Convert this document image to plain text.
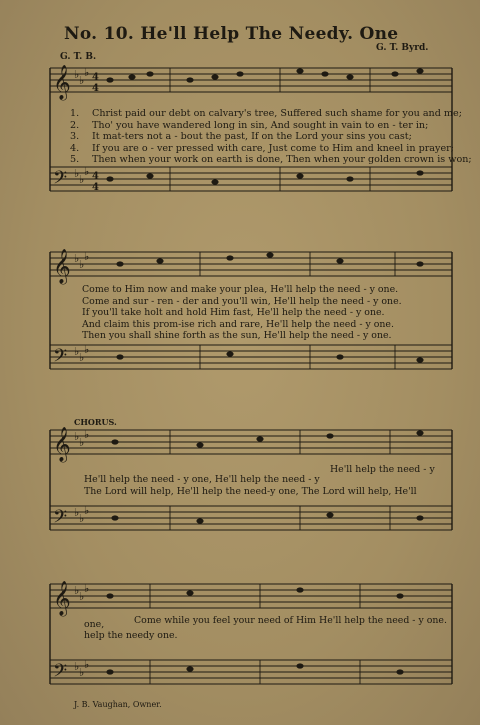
No. 10. He'll Help The Needy. One
G. T. B.
G. T. Byrd.
𝄞
𝄢
𝄞
𝄢
𝄞
𝄢
𝄞
𝄢
♭ ♭
♭
♭ ♭
♭
4
4
4
4
♭ ♭
♭
♭ ♭
♭
♭ ♭
♭
♭ ♭
♭
♭ ♭
♭
♭ ♭
♭
1. Christ paid our debt on calvary's tree, Suffered such shame for you and me;
2. Tho' you have wandered long in sin, And sought in vain to en - ter in;
3. It mat-ters not a - bout the past, If on the Lord your sins you cast;
4. If you are o - ver pressed with care, Just come to Him and kneel in prayer;
5. Then when your work on earth is done, Then when your golden crown is won;
Come to Him now and make your plea, He'll help the need - y one.
Come and sur - ren - der and you'll win, He'll help the need - y one.
If you'll take holt and hold Him fast, He'll help the need - y one.
And claim this prom-ise rich and rare, He'll help the need - y one.
Then you shall shine forth as the sun, He'll help the need - y one.
CHORUS.
He'll help the need - y
He'll help the need - y one, He'll help the need - y
The Lord will help, He'll help the need-y one, The Lord will help, He'll
one,	Come while you feel your need of Him He'll help the need - y one.
help the needy one.
J. B. Vaughan, Owner.
